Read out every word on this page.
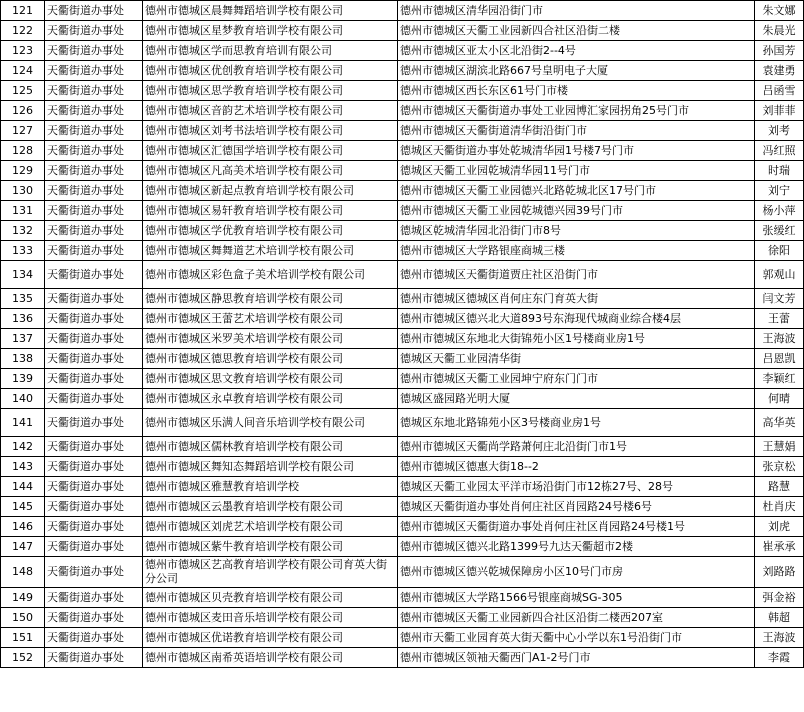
121	天衢街道办事处	德州市德城区晨舞舞蹈培训学校有限公司	德州市德城区清华园沿街门市	朱文娜
122	天衢街道办事处	德州市德城区星梦教育培训学校有限公司	德州市德城区天衢工业园新四合社区沿街二楼	朱晨光
123	天衢街道办事处	德州市德城区学而思教育培训有限公司	德州市德城区亚太小区北沿街2--4号	孙国芳
124	天衢街道办事处	德州市德城区优创教育培训学校有限公司	德州市德城区湖滨北路667号皇明电子大厦	袁建勇
125	天衢街道办事处	德州市德城区思学教育培训学校有限公司	德州市德城区西长东区61号门市楼	吕函雪
126	天衢街道办事处	德州市德城区音韵艺术培训学校有限公司	德州市德城区天衢街道办事处工业园博汇家园拐角25号门市	刘菲菲
127	天衢街道办事处	德州市德城区刘考书法培训学校有限公司	德州市德城区天衢街道清华街沿街门市	刘考
128	天衢街道办事处	德州市德城区汇德国学培训学校有限公司	德城区天衢街道办事处乾城清华园1号楼7号门市	冯红照
129	天衢街道办事处	德州市德城区凡高美术培训学校有限公司	德城区天衢工业园乾城清华园11号门市	时瑞
130	天衢街道办事处	德州市德城区新起点教育培训学校有限公司	德州市德城区天衢工业园德兴北路乾城北区17号门市	刘宁
131	天衢街道办事处	德州市德城区易轩教育培训学校有限公司	德州市德城区天衢工业园乾城德兴园39号门市	杨小萍
132	天衢街道办事处	德州市德城区学优教育培训学校有限公司	德城区乾城清华园北沿街门市8号	张缓红
133	天衢街道办事处	德州市德城区舞舞道艺术培训学校有限公司	德州市德城区大学路银座商城三楼	徐阳
134	天衢街道办事处	德州市德城区彩色盒子美术培训学校有限公司	德州市德城区天衢街道贾庄社区沿街门市	郭观山
135	天衢街道办事处	德州市德城区静思教育培训学校有限公司	德州市德城区德城区肖何庄东门育英大街	闫文芳
136	天衢街道办事处	德州市德城区王蕾艺术培训学校有限公司	德州市德城区德兴北大道893号东海现代城商业综合楼4层	王蕾
137	天衢街道办事处	德州市德城区米罗美术培训学校有限公司	德州市德城区东地北大街锦苑小区1号楼商业房1号	王海波
138	天衢街道办事处	德州市德城区德思教育培训学校有限公司	德城区天衢工业园清华街	吕恩凯
139	天衢街道办事处	德州市德城区思文教育培训学校有限公司	德州市德城区天衢工业园坤宁府东门门市	李颖红
140	天衢街道办事处	德州市德城区永卓教育培训学校有限公司	德城区盛园路光明大厦	何晴
141	天衢街道办事处	德州市德城区乐满人间音乐培训学校有限公司	德城区东地北路锦苑小区3号楼商业房1号	高华英
142	天衢街道办事处	德州市德城区儒林教育培训学校有限公司	德州市德城区天衢尚学路萧何庄北沿街门市1号	王慧娟
143	天衢街道办事处	德州市德城区舞知态舞蹈培训学校有限公司	德州市德城区德惠大街18--2	张京松
144	天衢街道办事处	德州市德城区雅慧教育培训学校	德城区天衢工业园太平洋市场沿街门市12栋27号、28号	路慧
145	天衢街道办事处	德州市德城区云墨教育培训学校有限公司	德城区天衢街道办事处肖何庄社区肖园路24号楼6号	杜肖庆
146	天衢街道办事处	德州市德城区刘虎艺术培训学校有限公司	德州市德城区天衢街道办事处肖何庄社区肖园路24号楼1号	刘虎
147	天衢街道办事处	德州市德城区紫牛教育培训学校有限公司	德州市德城区德兴北路1399号九达天衢超市2楼	崔承承
148	天衢街道办事处	德州市德城区艺高教育培训学校有限公司育英大街分公司	德州市德城区德兴乾城保障房小区10号门市房	刘路路
149	天衢街道办事处	德州市德城区贝壳教育培训学校有限公司	德州市德城区大学路1566号银座商城SG-305	弭金裕
150	天衢街道办事处	德州市德城区麦田音乐培训学校有限公司	德州市德城区天衢工业园新四合社区沿街二楼西207室	韩超
151	天衢街道办事处	德州市德城区优诺教育培训学校有限公司	德州市天衢工业园育英大街天衢中心小学以东1号沿街门市	王海波
152	天衢街道办事处	德州市德城区南希英语培训学校有限公司	德州市德城区领袖天衢西门A1-2号门市	李霞
